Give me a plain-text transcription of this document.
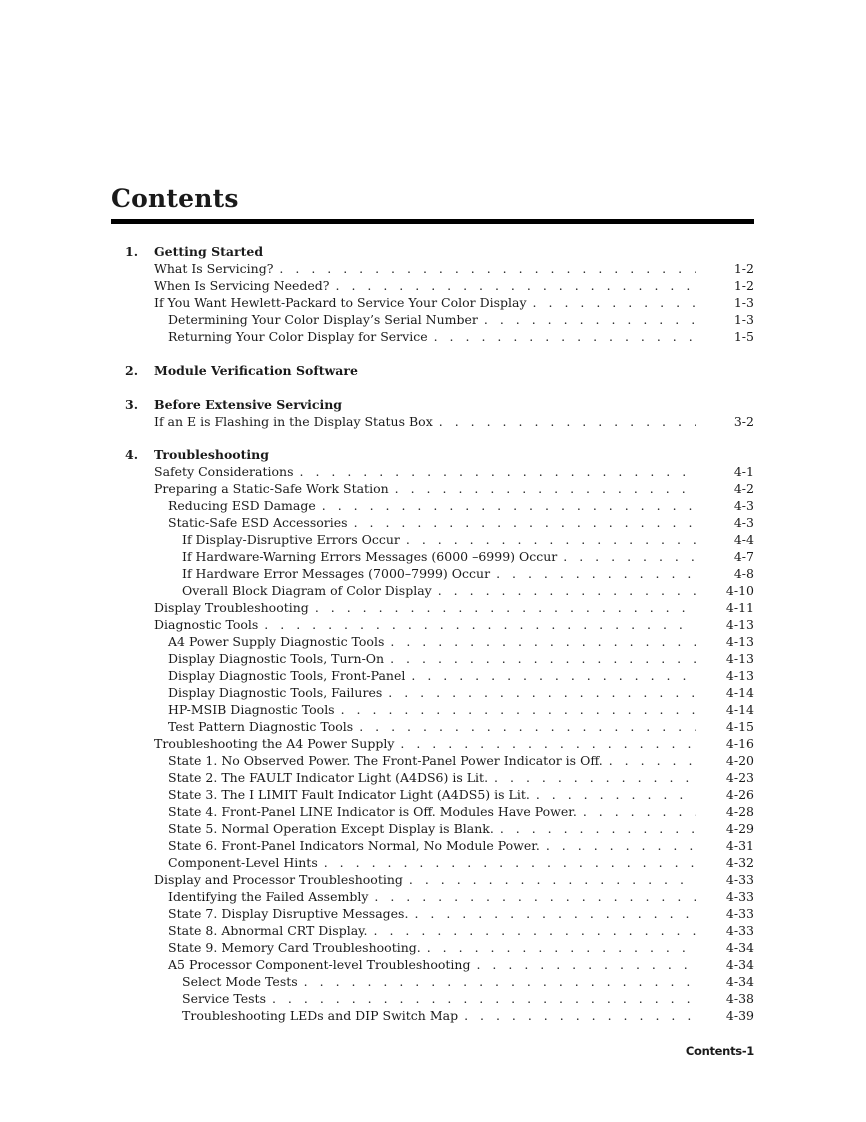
Contents
1. Getting Started
What Is Servicing? . . .	1-2
When Is Servicing Needed? . . .	1-2
If You Want Hewlett-Packard to Service Your Color Display . . .	1-3
Determining Your Color Display’s Serial Number . . .	1-3
Returning Your Color Display for Service . . .	1-5
2. Module Verification Software
3. Before Extensive Servicing
If an E is Flashing in the Display Status Box . . .	3-2
4. Troubleshooting
Safety Considerations . . .	4-1
Preparing a Static-Safe Work Station . . .	4-2
Reducing ESD Damage . . .	4-3
Static-Safe ESD Accessories . . .	4-3
If Display-Disruptive Errors Occur . . .	4-4
If Hardware-Warning Errors Messages (6000 –6999) Occur . . .	4-7
If Hardware Error Messages (7000–7999) Occur . . .	4-8
Overall Block Diagram of Color Display . . .	4-10
Display Troubleshooting . . .	4-11
Diagnostic Tools . . .	4-13
A4 Power Supply Diagnostic Tools . . .	4-13
Display Diagnostic Tools, Turn-On . . .	4-13
Display Diagnostic Tools, Front-Panel . . .	4-13
Display Diagnostic Tools, Failures . . .	4-14
HP-MSIB Diagnostic Tools . . .	4-14
Test Pattern Diagnostic Tools . . .	4-15
Troubleshooting the A4 Power Supply . . .	4-16
State 1. No Observed Power. The Front-Panel Power Indicator is Off. . . .	4-20
State 2. The FAULT Indicator Light (A4DS6) is Lit. . . .	4-23
State 3. The I LIMIT Fault Indicator Light (A4DS5) is Lit. . . .	4-26
State 4. Front-Panel LINE Indicator is Off. Modules Have Power. . . .	4-28
State 5. Normal Operation Except Display is Blank. . . .	4-29
State 6. Front-Panel Indicators Normal, No Module Power. . . .	4-31
Component-Level Hints . . .	4-32
Display and Processor Troubleshooting . . .	4-33
Identifying the Failed Assembly . . .	4-33
State 7. Display Disruptive Messages. . . .	4-33
State 8. Abnormal CRT Display. . . .	4-33
State 9. Memory Card Troubleshooting. . . .	4-34
A5 Processor Component-level Troubleshooting . . .	4-34
Select Mode Tests . . .	4-34
Service Tests . . .	4-38
Troubleshooting LEDs and DIP Switch Map . . .	4-39
Contents-1
